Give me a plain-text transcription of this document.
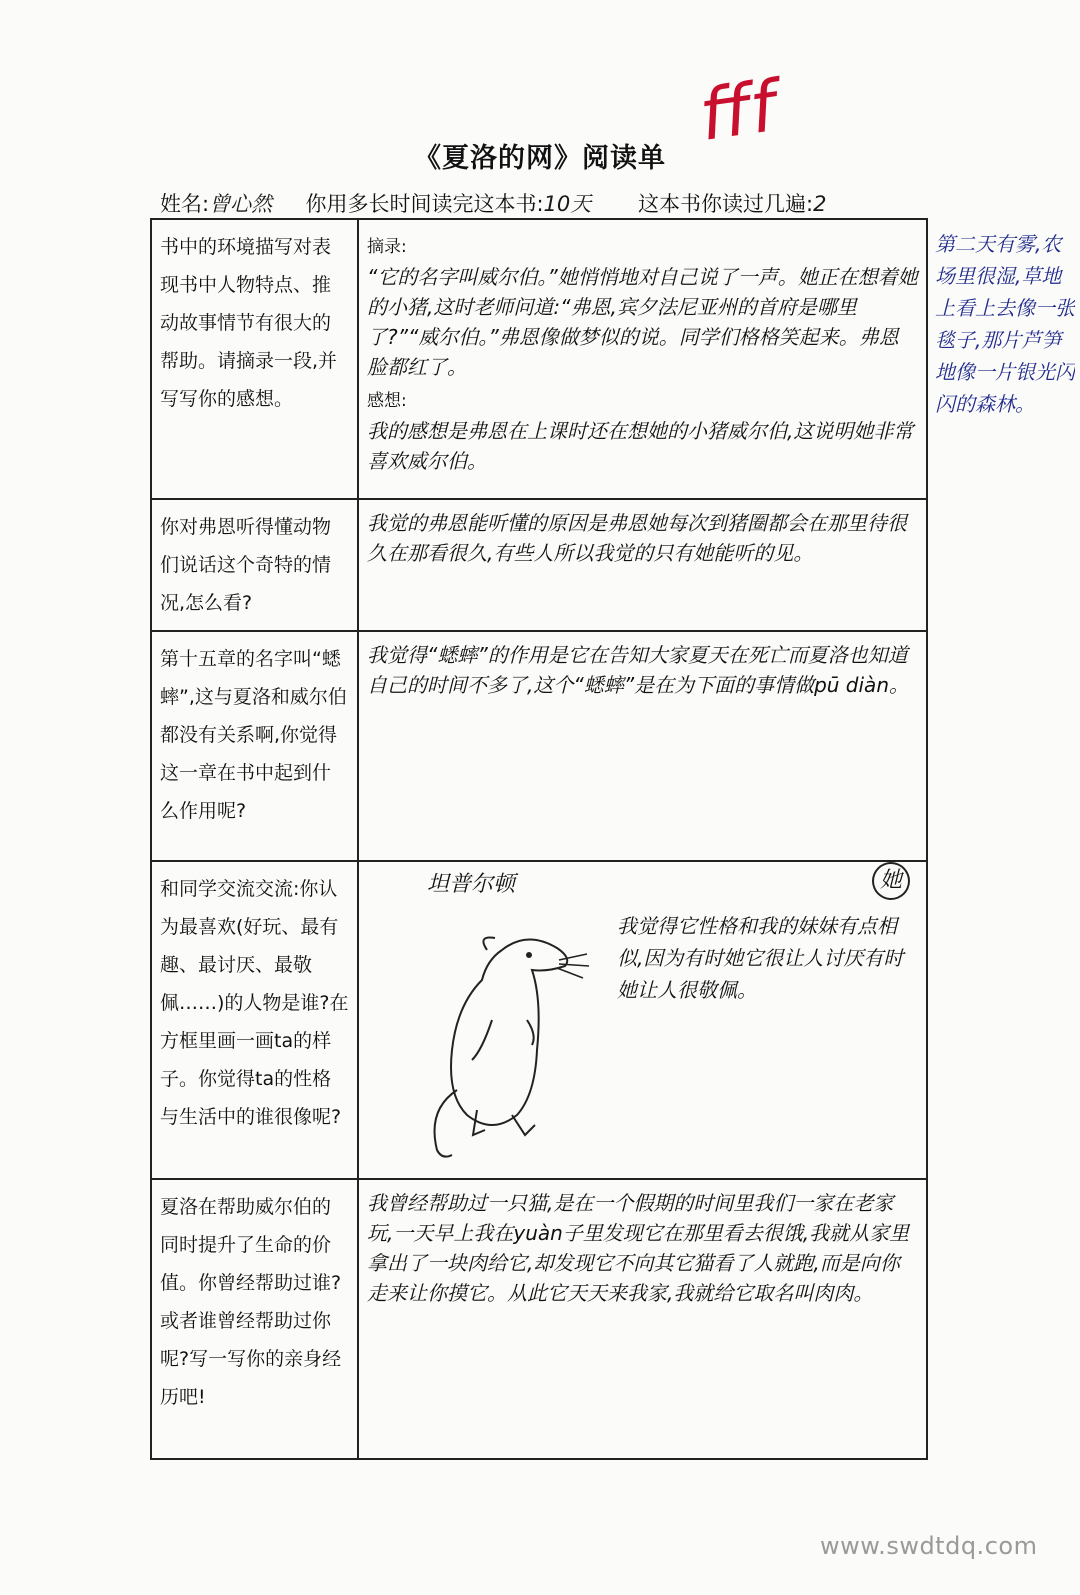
《夏洛的网》阅读单
fff
姓名:曾心然 你用多长时间读完这本书:10天 这本书你读过几遍:2
书中的环境描写对表现书中人物特点、推动故事情节有很大的帮助。请摘录一段,并写写你的感想。	摘录:
“它的名字叫威尔伯。”她悄悄地对自己说了一声。她正在想着她的小猪,这时老师问道:“弗恩,宾夕法尼亚州的首府是哪里了?”“威尔伯。”弗恩像做梦似的说。同学们格格笑起来。弗恩脸都红了。
感想:
我的感想是弗恩在上课时还在想她的小猪威尔伯,这说明她非常喜欢威尔伯。

你对弗恩听得懂动物们说话这个奇特的情况,怎么看?	我觉的弗恩能听懂的原因是弗恩她每次到猪圈都会在那里待很久在那看很久,有些人所以我觉的只有她能听的见。
第十五章的名字叫“蟋蟀”,这与夏洛和威尔伯都没有关系啊,你觉得这一章在书中起到什么作用呢?	我觉得“蟋蟀”的作用是它在告知大家夏天在死亡而夏洛也知道自己的时间不多了,这个“蟋蟀”是在为下面的事情做pū diàn。
和同学交流交流:你认为最喜欢(好玩、最有趣、最讨厌、最敬佩……)的人物是谁?在方框里画一画ta的样子。你觉得ta的性格与生活中的谁很像呢?	坦普尔顿 她
我觉得它性格和我的妹妹有点相似,因为有时她它很让人讨厌有时她让人很敬佩。

夏洛在帮助威尔伯的同时提升了生命的价值。你曾经帮助过谁?或者谁曾经帮助过你呢?写一写你的亲身经历吧!	我曾经帮助过一只猫,是在一个假期的时间里我们一家在老家玩,一天早上我在yuàn子里发现它在那里看去很饿,我就从家里拿出了一块肉给它,却发现它不向其它猫看了人就跑,而是向你走来让你摸它。从此它天天来我家,我就给它取名叫肉肉。
第二天有雾,农场里很湿,草地上看上去像一张毯子,那片芦笋地像一片银光闪闪的森林。
www.swdtdq.com
